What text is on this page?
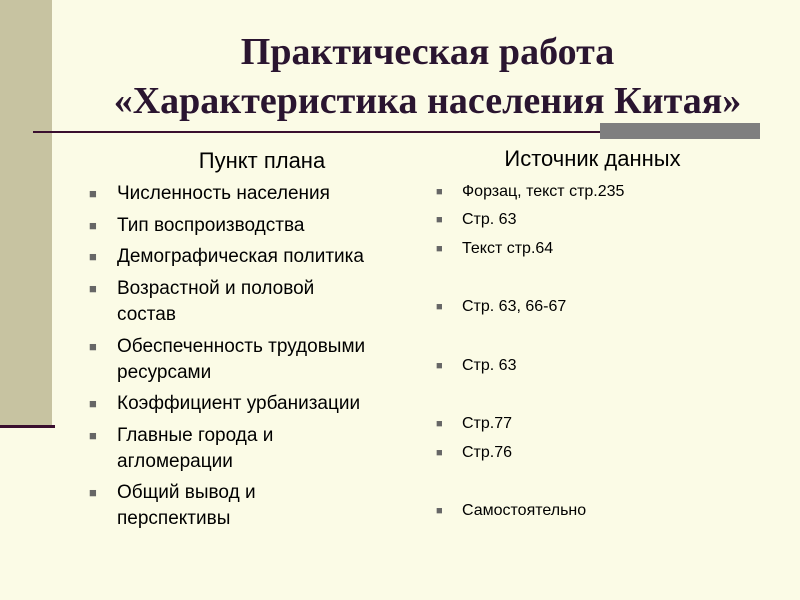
Практическая работа
«Характеристика населения Китая»
Пункт плана	Источник данных
■ Численность населения
■ Тип воспроизводства
■ Демографическая политика
■ Возрастной и половой
состав
■ Обеспеченность трудовыми
ресурсами
■ Коэффициент урбанизации
■ Главные города и
агломерации
■ Общий вывод и
перспективы
■ Форзац, текст стр.235
■ Стр. 63
■ Текст стр.64
■ Стр. 63, 66-67
■ Стр. 63
■ Стр.77
■ Стр.76
■ Самостоятельно
